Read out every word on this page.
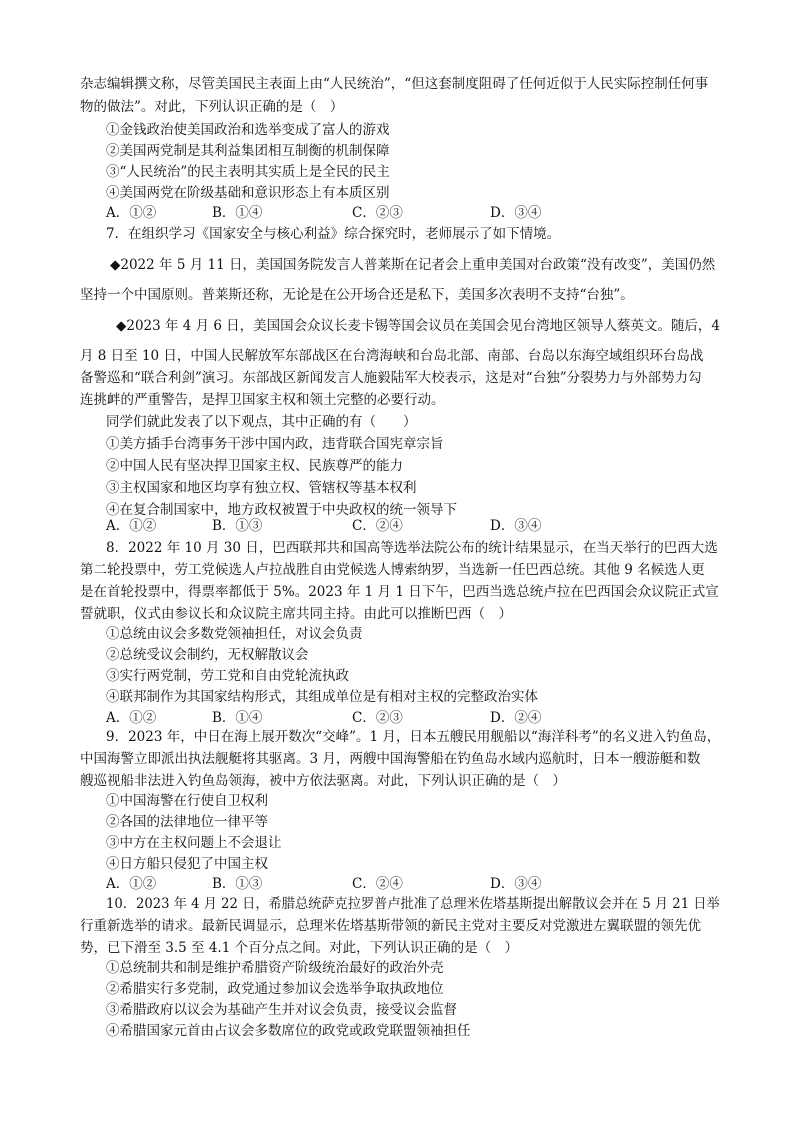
杂志编辑撰文称，尽管美国民主表面上由“人民统治”，“但这套制度阻碍了任何近似于人民实际控制任何事
物的做法”。对此，下列认识正确的是（　）
①金钱政治使美国政治和选举变成了富人的游戏
②美国两党制是其利益集团相互制衡的机制保障
③“人民统治”的民主表明其实质上是全民的民主
④美国两党在阶级基础和意识形态上有本质区别
A．①②	B．①④	C．②③	D．③④
7．在组织学习《国家安全与核心利益》综合探究时，老师展示了如下情境。
◆2022 年 5 月 11 日，美国国务院发言人普莱斯在记者会上重申美国对台政策“没有改变”，美国仍然
坚持一个中国原则。普莱斯还称，无论是在公开场合还是私下，美国多次表明不支持“台独”。
◆2023 年 4 月 6 日，美国国会众议长麦卡锡等国会议员在美国会见台湾地区领导人蔡英文。随后，4
月 8 日至 10 日，中国人民解放军东部战区在台湾海峡和台岛北部、南部、台岛以东海空域组织环台岛战
备警巡和“联合利剑”演习。东部战区新闻发言人施毅陆军大校表示，这是对“台独”分裂势力与外部势力勾
连挑衅的严重警告，是捍卫国家主权和领土完整的必要行动。
同学们就此发表了以下观点，其中正确的有（　　）
①美方插手台湾事务干涉中国内政，违背联合国宪章宗旨
②中国人民有坚决捍卫国家主权、民族尊严的能力
③主权国家和地区均享有独立权、管辖权等基本权利
④在复合制国家中，地方政权被置于中央政权的统一领导下
A．①②	B．①③	C．②④	D．③④
8．2022 年 10 月 30 日，巴西联邦共和国高等选举法院公布的统计结果显示，在当天举行的巴西大选
第二轮投票中，劳工党候选人卢拉战胜自由党候选人博索纳罗，当选新一任巴西总统。其他 9 名候选人更
是在首轮投票中，得票率都低于 5%。2023 年 1 月 1 日下午，巴西当选总统卢拉在巴西国会众议院正式宣
誓就职，仪式由参议长和众议院主席共同主持。由此可以推断巴西（　）
①总统由议会多数党领袖担任，对议会负责
②总统受议会制约，无权解散议会
③实行两党制，劳工党和自由党轮流执政
④联邦制作为其国家结构形式，其组成单位是有相对主权的完整政治实体
A．①②	B．①④	C．②③	D．②④
9．2023 年，中日在海上展开数次“交峰”。1 月，日本五艘民用舰船以“海洋科考”的名义进入钓鱼岛，
中国海警立即派出执法舰艇将其驱离。3 月，两艘中国海警船在钓鱼岛水域内巡航时，日本一艘游艇和数
艘巡视船非法进入钓鱼岛领海，被中方依法驱离。对此，下列认识正确的是（　）
①中国海警在行使自卫权利
②各国的法律地位一律平等
③中方在主权问题上不会退让
④日方船只侵犯了中国主权
A．①②	B．①③	C．②④	D．③④
10．2023 年 4 月 22 日，希腊总统萨克拉罗普卢批准了总理米佐塔基斯提出解散议会并在 5 月 21 日举
行重新选举的请求。最新民调显示，总理米佐塔基斯带领的新民主党对主要反对党激进左翼联盟的领先优
势，已下滑至 3.5 至 4.1 个百分点之间。对此，下列认识正确的是（　）
①总统制共和制是维护希腊资产阶级统治最好的政治外壳
②希腊实行多党制，政党通过参加议会选举争取执政地位
③希腊政府以议会为基础产生并对议会负责，接受议会监督
④希腊国家元首由占议会多数席位的政党或政党联盟领袖担任
